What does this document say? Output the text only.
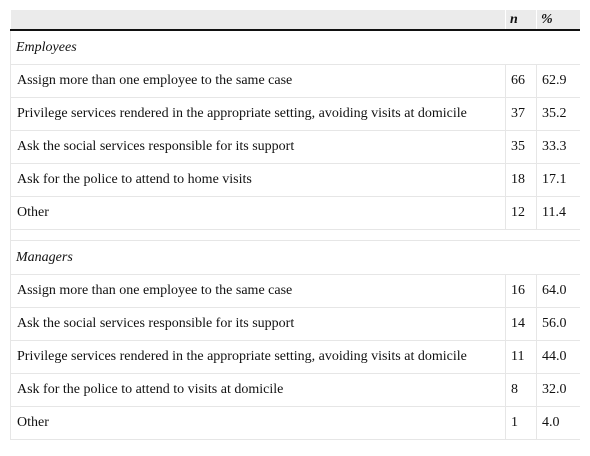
	n	%
Employees		
Assign more than one employee to the same case	66	62.9
Privilege services rendered in the appropriate setting, avoiding visits at domicile	37	35.2
Ask the social services responsible for its support	35	33.3
Ask for the police to attend to home visits	18	17.1
Other	12	11.4

Managers		
Assign more than one employee to the same case	16	64.0
Ask the social services responsible for its support	14	56.0
Privilege services rendered in the appropriate setting, avoiding visits at domicile	11	44.0
Ask for the police to attend to visits at domicile	8	32.0
Other	1	4.0
